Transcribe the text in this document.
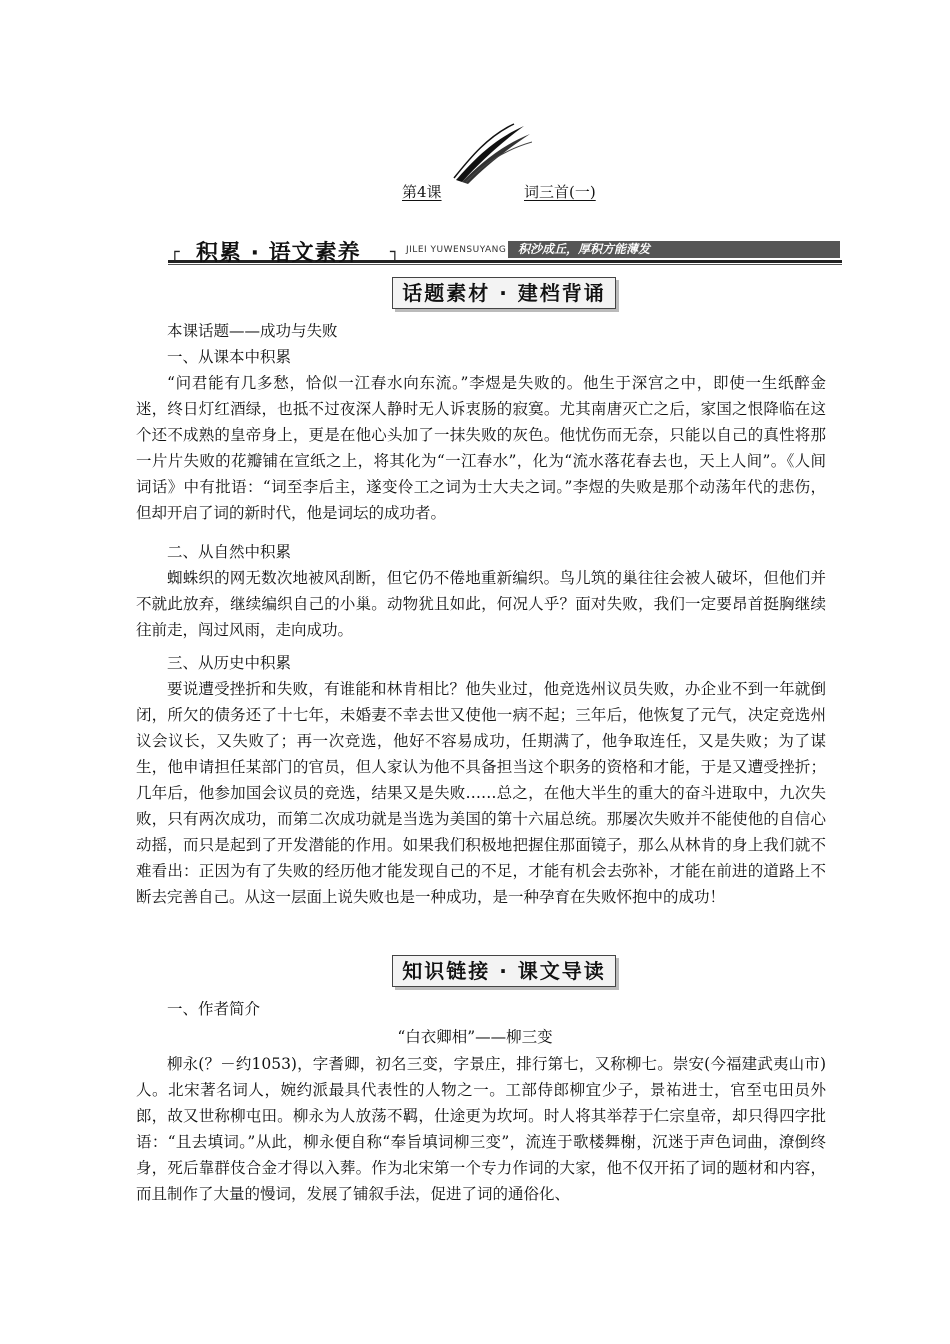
第4课	词三首(一)
┌ 积累 · 语文素养 ┐ JILEI YUWENSUYANG 积沙成丘，厚积方能薄发
话题素材 · 建档背诵
本课话题——成功与失败
一、从课本中积累
“问君能有几多愁，恰似一江春水向东流。”李煜是失败的。他生于深宫之中，即使一生纸醉金迷，终日灯红酒绿，也抵不过夜深人静时无人诉衷肠的寂寞。尤其南唐灭亡之后，家国之恨降临在这个还不成熟的皇帝身上，更是在他心头加了一抹失败的灰色。他忧伤而无奈，只能以自己的真性将那一片片失败的花瓣铺在宣纸之上，将其化为“一江春水”，化为“流水落花春去也，天上人间”。《人间词话》中有批语：“词至李后主，遂变伶工之词为士大夫之词。”李煜的失败是那个动荡年代的悲伤，但却开启了词的新时代，他是词坛的成功者。
二、从自然中积累
蜘蛛织的网无数次地被风刮断，但它仍不倦地重新编织。鸟儿筑的巢往往会被人破坏，但他们并不就此放弃，继续编织自己的小巢。动物犹且如此，何况人乎？面对失败，我们一定要昂首挺胸继续往前走，闯过风雨，走向成功。
三、从历史中积累
要说遭受挫折和失败，有谁能和林肯相比？他失业过，他竞选州议员失败，办企业不到一年就倒闭，所欠的债务还了十七年，未婚妻不幸去世又使他一病不起；三年后，他恢复了元气，决定竞选州议会议长，又失败了；再一次竞选，他好不容易成功，任期满了，他争取连任，又是失败；为了谋生，他申请担任某部门的官员，但人家认为他不具备担当这个职务的资格和才能，于是又遭受挫折；几年后，他参加国会议员的竞选，结果又是失败……总之，在他大半生的重大的奋斗进取中，九次失败，只有两次成功，而第二次成功就是当选为美国的第十六届总统。那屡次失败并不能使他的自信心动摇，而只是起到了开发潜能的作用。如果我们积极地把握住那面镜子，那么从林肯的身上我们就不难看出：正因为有了失败的经历他才能发现自己的不足，才能有机会去弥补，才能在前进的道路上不断去完善自己。从这一层面上说失败也是一种成功，是一种孕育在失败怀抱中的成功！
知识链接 · 课文导读
一、作者简介
“白衣卿相”——柳三变
柳永(？－约1053)，字耆卿，初名三变，字景庄，排行第七，又称柳七。崇安(今福建武夷山市)人。北宋著名词人，婉约派最具代表性的人物之一。工部侍郎柳宜少子，景祐进士，官至屯田员外郎，故又世称柳屯田。柳永为人放荡不羁，仕途更为坎坷。时人将其举荐于仁宗皇帝，却只得四字批语：“且去填词。”从此，柳永便自称“奉旨填词柳三变”，流连于歌楼舞榭，沉迷于声色词曲，潦倒终身，死后靠群伎合金才得以入葬。作为北宋第一个专力作词的大家，他不仅开拓了词的题材和内容，而且制作了大量的慢词，发展了铺叙手法，促进了词的通俗化、
